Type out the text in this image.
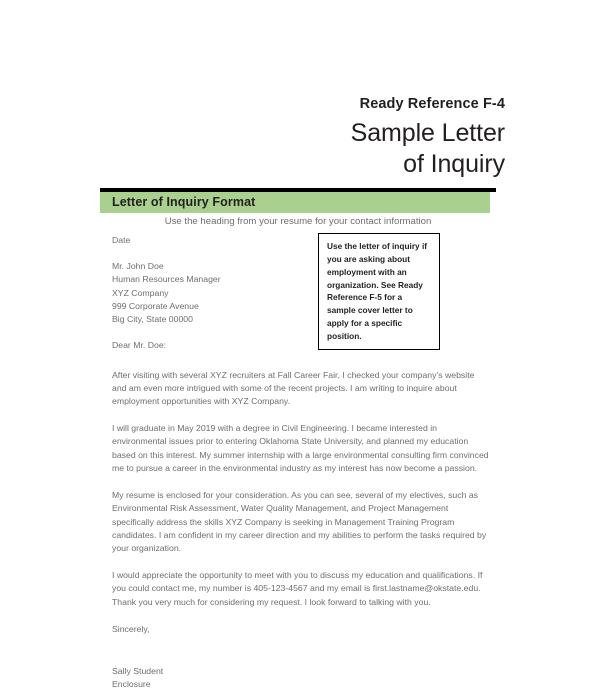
Ready Reference F-4
Sample Letter
of Inquiry
Letter of Inquiry Format
Use the heading from your resume for your contact information

Date

Mr. John Doe
Human Resources Manager
XYZ Company
999 Corporate Avenue
Big City, State 00000

Dear Mr. Doe:

After visiting with several XYZ recruiters at Fall Career Fair, I checked your company’s website and am even more intrigued with some of the recent projects. I am writing to inquire about employment opportunities with XYZ Company.

I will graduate in May 2019 with a degree in Civil Engineering. I became interested in environmental issues prior to entering Oklahoma State University, and planned my education based on this interest. My summer internship with a large environmental consulting firm convinced me to pursue a career in the environmental industry as my interest has now become a passion.

My resume is enclosed for your consideration. As you can see, several of my electives, such as Environmental Risk Assessment, Water Quality Management, and Project Management specifically address the skills XYZ Company is seeking in Management Training Program candidates. I am confident in my career direction and my abilities to perform the tasks required by your organization.

I would appreciate the opportunity to meet with you to discuss my education and qualifications. If you could contact me, my number is 405-123-4567 and my email is first.lastname@okstate.edu. Thank you very much for considering my request. I look forward to talking with you.

Sincerely,

Sally Student
Enclosure
Use the letter of inquiry if you are asking about employment with an organization. See Ready Reference F-5 for a sample cover letter to apply for a specific position.
